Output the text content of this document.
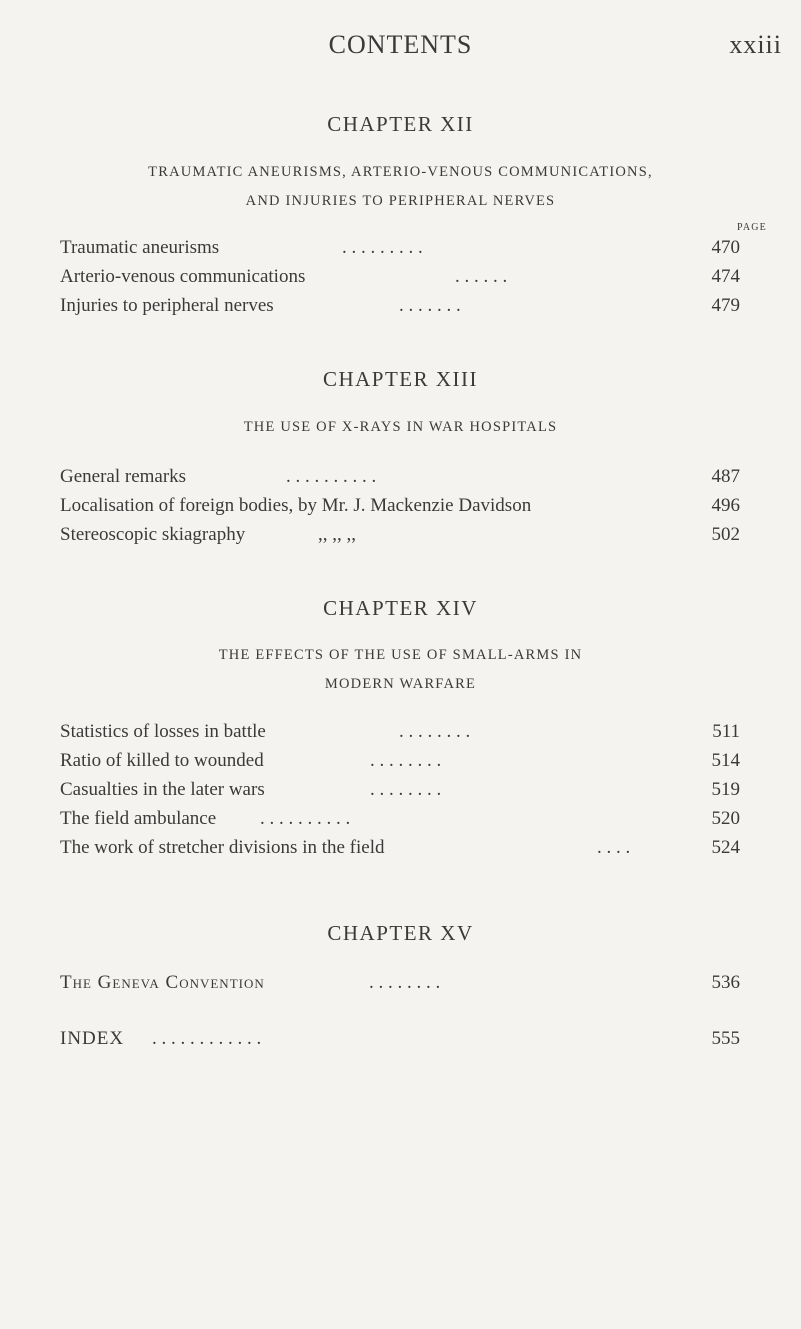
CONTENTS	xxiii
CHAPTER XII
TRAUMATIC ANEURISMS, ARTERIO-VENOUS COMMUNICATIONS,
AND INJURIES TO PERIPHERAL NERVES
PAGE
Traumatic aneurisms	. . . . . . . . .	470
Arterio-venous communications	. . . . . .	474
Injuries to peripheral nerves	. . . . . . .	479
CHAPTER XIII
THE USE OF X-RAYS IN WAR HOSPITALS
General remarks	. . . . . . . . . .	487
Localisation of foreign bodies, by Mr. J. Mackenzie Davidson	496
Stereoscopic skiagraphy	,, ,, ,,	502
CHAPTER XIV
THE EFFECTS OF THE USE OF SMALL-ARMS IN
MODERN WARFARE
Statistics of losses in battle	. . . . . . . .	511
Ratio of killed to wounded	. . . . . . . .	514
Casualties in the later wars	. . . . . . . .	519
The field ambulance . . . . . . . . . .	520
The work of stretcher divisions in the field	. . . .	524
CHAPTER XV
The Geneva Convention	. . . . . . . .	536
INDEX . . . . . . . . . . . .	555
